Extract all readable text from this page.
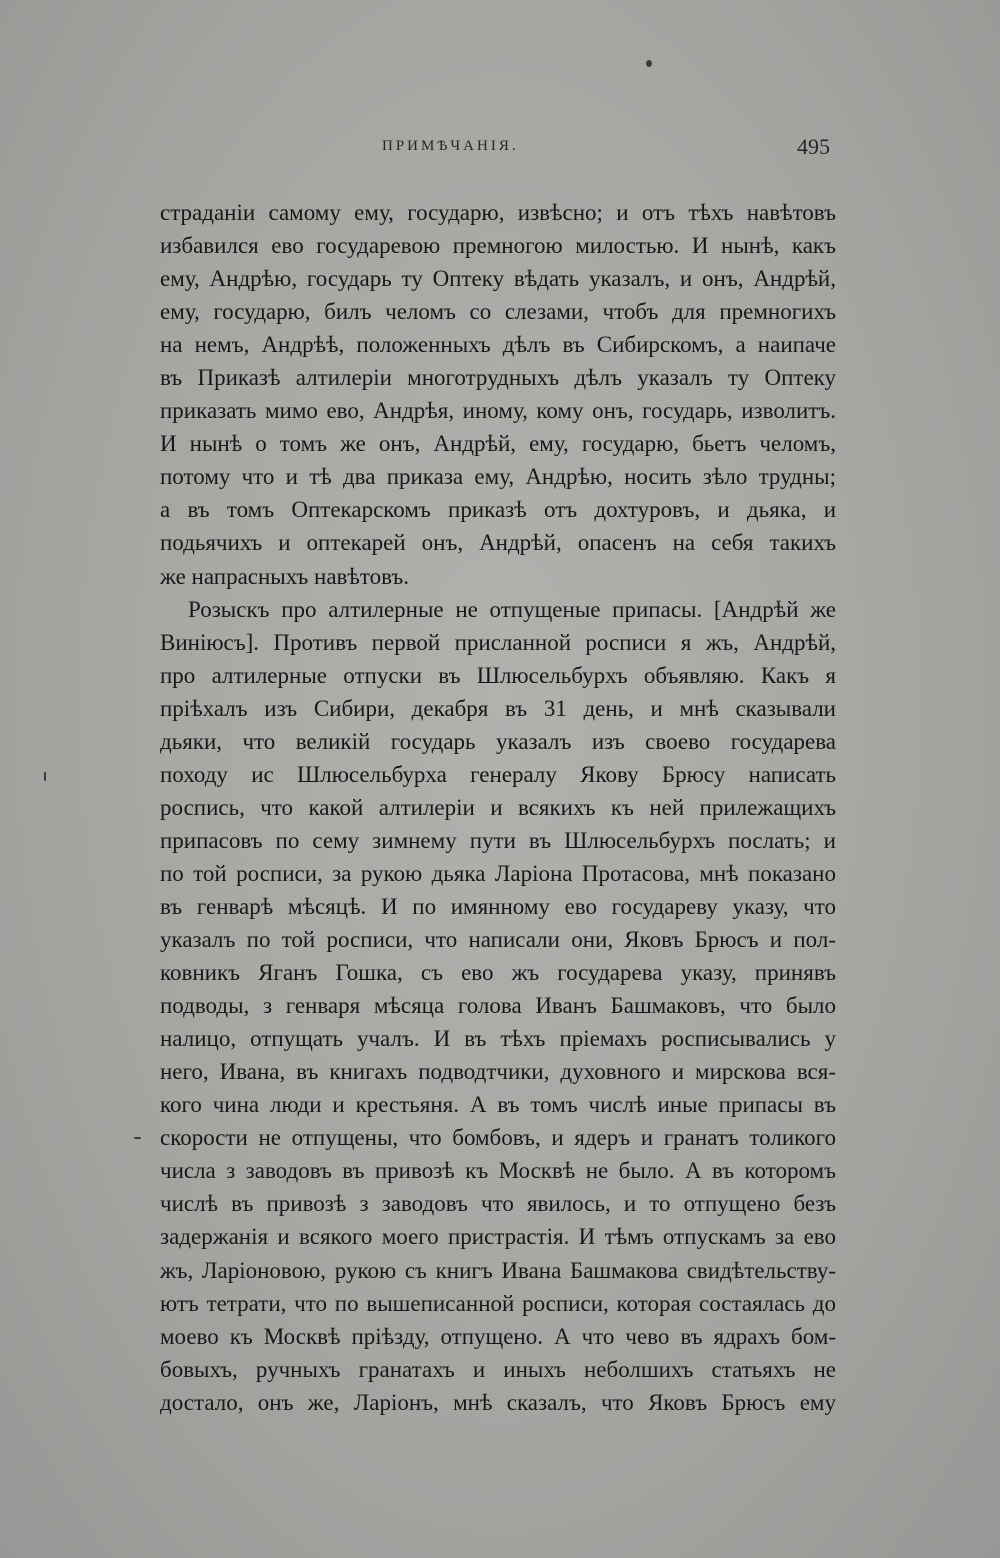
ПРИМѢЧАНІЯ.	495
страданіи самому ему, государю, извѣсно; и отъ тѣхъ навѣтовъ
избавился ево государевою премногою милостью. И нынѣ, какъ
ему, Андрѣю, государь ту Оптеку вѣдать указалъ, и онъ, Андрѣй,
ему, государю, билъ челомъ со слезами, чтобъ для премногихъ
на немъ, Андрѣѣ, положенныхъ дѣлъ въ Сибирскомъ, а наипаче
въ Приказѣ алтилеріи многотрудныхъ дѣлъ указалъ ту Оптеку
приказать мимо ево, Андрѣя, иному, кому онъ, государь, изволитъ.
И нынѣ о томъ же онъ, Андрѣй, ему, государю, бьетъ челомъ,
потому что и тѣ два приказа ему, Андрѣю, носить зѣло трудны;
а въ томъ Оптекарскомъ приказѣ отъ дохтуровъ, и дьяка, и
подьячихъ и оптекарей онъ, Андрѣй, опасенъ на себя такихъ
же напрасныхъ навѣтовъ.
Розыскъ про алтилерные не отпущеные припасы. [Андрѣй же
Виніюсъ]. Противъ первой присланной росписи я жъ, Андрѣй,
про алтилерные отпуски въ Шлюсельбурхъ объявляю. Какъ я
пріѣхалъ изъ Сибири, декабря въ 31 день, и мнѣ сказывали
дьяки, что великій государь указалъ изъ своево государева
походу ис Шлюсельбурха генералу Якову Брюсу написать
роспись, что какой алтилеріи и всякихъ къ ней прилежащихъ
припасовъ по сему зимнему пути въ Шлюсельбурхъ послать; и
по той росписи, за рукою дьяка Ларіона Протасова, мнѣ показано
въ генварѣ мѣсяцѣ. И по имянному ево государеву указу, что
указалъ по той росписи, что написали они, Яковъ Брюсъ и пол-
ковникъ Яганъ Гошка, съ ево жъ государева указу, принявъ
подводы, з генваря мѣсяца голова Иванъ Башмаковъ, что было
налицо, отпущать учалъ. И въ тѣхъ пріемахъ росписывались у
него, Ивана, въ книгахъ подводтчики, духовного и мирскова вся-
кого чина люди и крестьяня. А въ томъ числѣ иные припасы въ
скорости не отпущены, что бомбовъ, и ядеръ и гранатъ толикого
числа з заводовъ въ привозѣ къ Москвѣ не было. А въ которомъ
числѣ въ привозѣ з заводовъ что явилось, и то отпущено безъ
задержанія и всякого моего пристрастія. И тѣмъ отпускамъ за ево
жъ, Ларіоновою, рукою съ книгъ Ивана Башмакова свидѣтельству-
ютъ тетрати, что по вышеписанной росписи, которая состаялась до
моево къ Москвѣ пріѣзду, отпущено. А что чево въ ядрахъ бом-
бовыхъ, ручныхъ гранатахъ и иныхъ неболшихъ статьяхъ не
достало, онъ же, Ларіонъ, мнѣ сказалъ, что Яковъ Брюсъ ему
